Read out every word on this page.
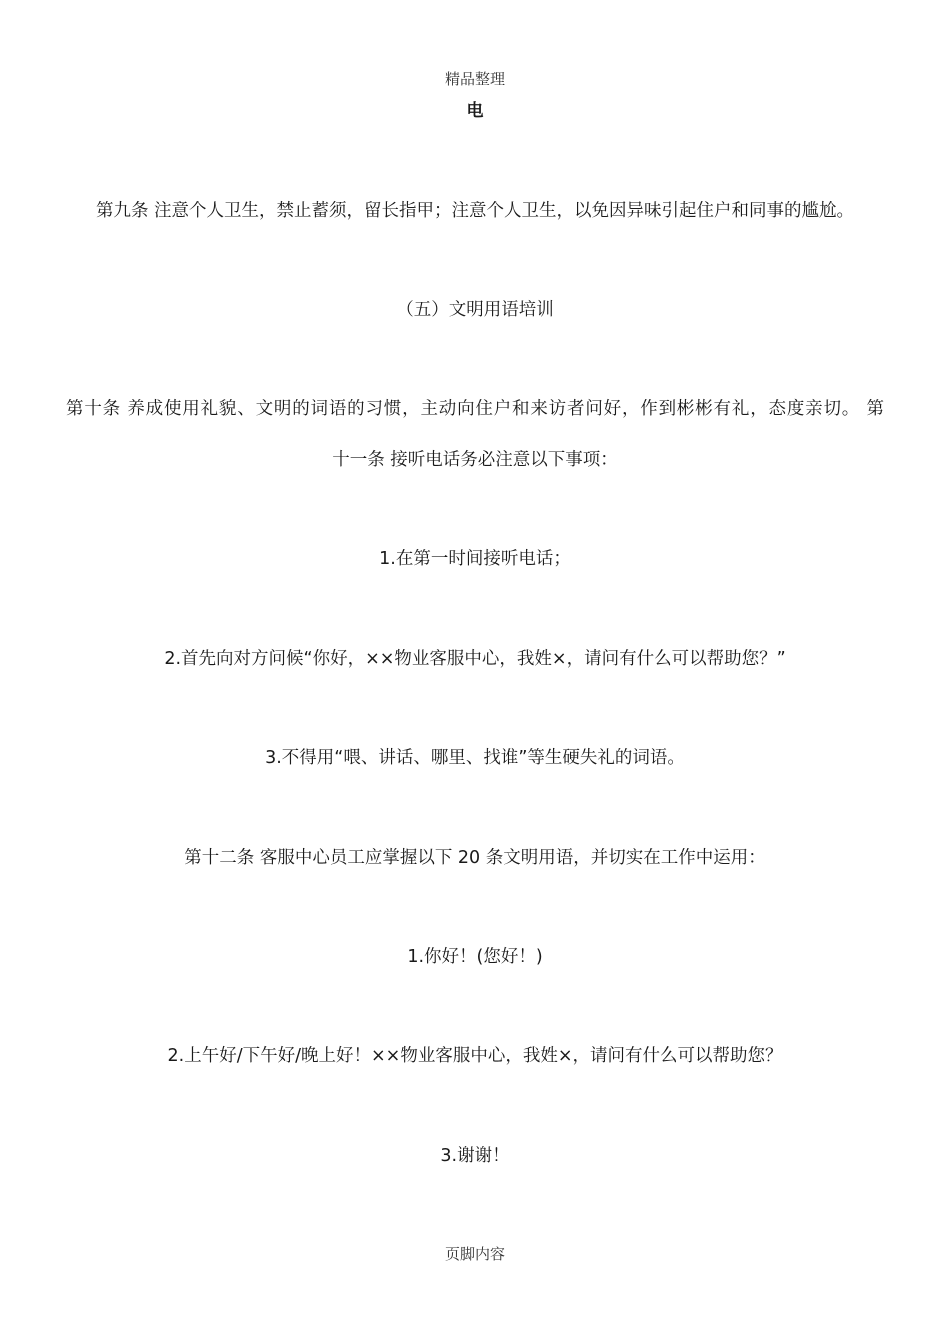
精品整理
电
第九条 注意个人卫生，禁止蓄须，留长指甲；注意个人卫生，以免因异味引起住户和同事的尴尬。
（五）文明用语培训
第十条 养成使用礼貌、文明的词语的习惯，主动向住户和来访者问好，作到彬彬有礼，态度亲切。 第
十一条 接听电话务必注意以下事项：
1.在第一时间接听电话；
2.首先向对方问候“你好，××物业客服中心，我姓×，请问有什么可以帮助您？”
3.不得用“喂、讲话、哪里、找谁”等生硬失礼的词语。
第十二条 客服中心员工应掌握以下 20 条文明用语，并切实在工作中运用：
1.你好！(您好！)
2.上午好/下午好/晚上好！××物业客服中心，我姓×，请问有什么可以帮助您？
3.谢谢！
页脚内容
